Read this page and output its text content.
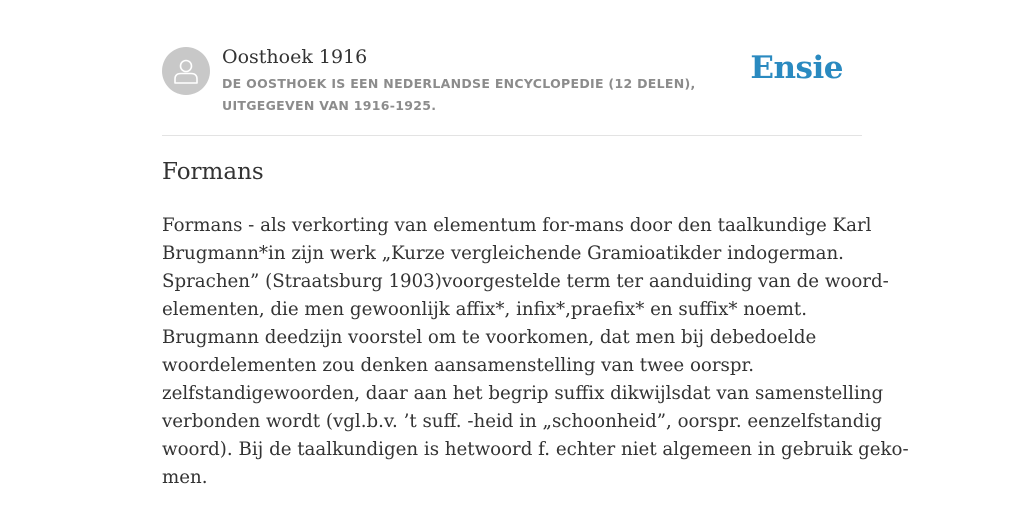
Oosthoek 1916
DE OOSTHOEK IS EEN NEDERLANDSE ENCYCLOPEDIE (12 DELEN), UITGEGEVEN VAN 1916-1925.
Ensie
Formans

Formans - als verkorting van elementum for-mans door den taalkundige Karl
Brugmann*in zijn werk „Kurze vergleichende Gramioatikder indogerman.
Sprachen” (Straatsburg 1903)voorgestelde term ter aanduiding van de woord-
elementen, die men gewoonlijk affix*, infix*,praefix* en suffix* noemt.
Brugmann deedzijn voorstel om te voorkomen, dat men bij debedoelde
woordelementen zou denken aansamenstelling van twee oorspr.
zelfstandigewoorden, daar aan het begrip suffix dikwijlsdat van samenstelling
verbonden wordt (vgl.b.v. ’t suff. -heid in „schoonheid”, oorspr. eenzelfstandig
woord). Bij de taalkundigen is hetwoord f. echter niet algemeen in gebruik geko-
men.
